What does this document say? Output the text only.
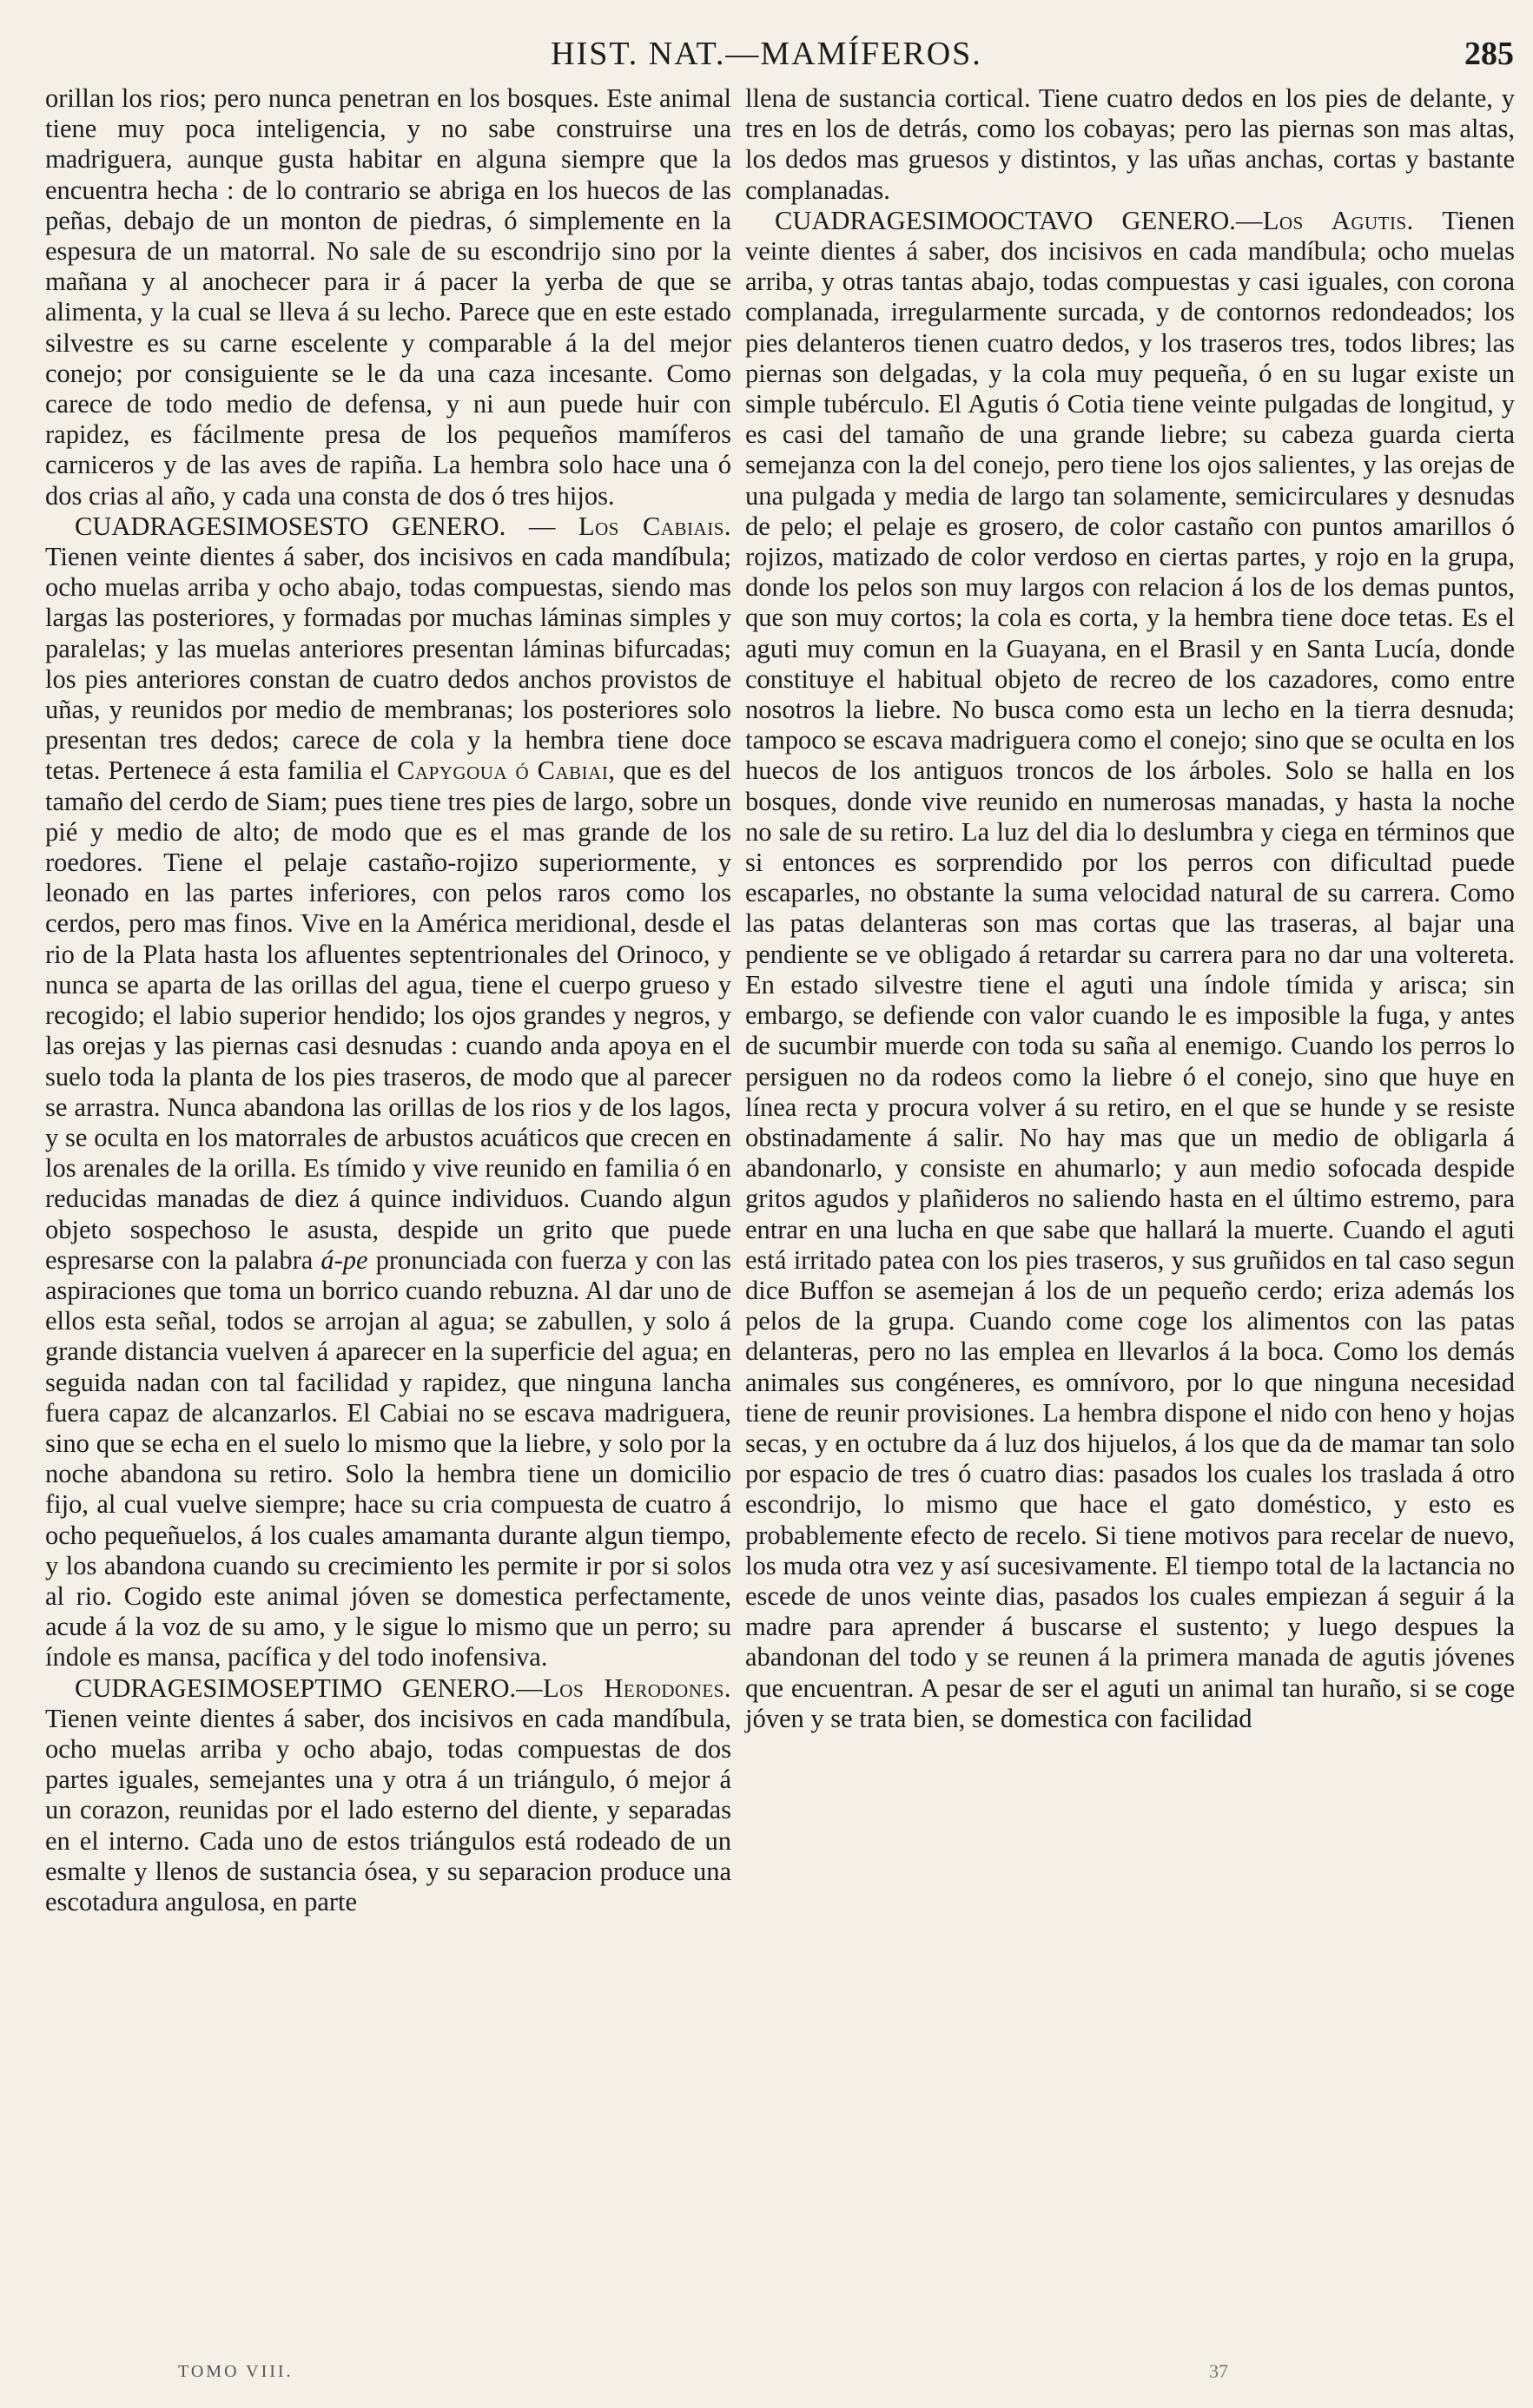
HIST. NAT.—MAMÍFEROS.	285

orillan los rios; pero nunca penetran en los bosques. Este animal tiene muy poca inteligencia, y no sabe construirse una madriguera, aunque gusta habitar en alguna siempre que la encuentra hecha : de lo contrario se abriga en los huecos de las peñas, debajo de un monton de piedras, ó simplemente en la espesura de un matorral. No sale de su escondrijo sino por la mañana y al anochecer para ir á pacer la yerba de que se alimenta, y la cual se lleva á su lecho. Parece que en este estado silvestre es su carne escelente y comparable á la del mejor conejo; por consiguiente se le da una caza incesante. Como carece de todo medio de defensa, y ni aun puede huir con rapidez, es fácilmente presa de los pequeños mamíferos carniceros y de las aves de rapiña. La hembra solo hace una ó dos crias al año, y cada una consta de dos ó tres hijos.

CUADRAGESIMOSESTO GENERO. — Los Cabiais. Tienen veinte dientes á saber, dos incisivos en cada mandíbula; ocho muelas arriba y ocho abajo, todas compuestas, siendo mas largas las posteriores, y formadas por muchas láminas simples y paralelas; y las muelas anteriores presentan láminas bifurcadas; los pies anteriores constan de cuatro dedos anchos provistos de uñas, y reunidos por medio de membranas; los posteriores solo presentan tres dedos; carece de cola y la hembra tiene doce tetas. Pertenece á esta familia el Capygoua ó Cabiai, que es del tamaño del cerdo de Siam; pues tiene tres pies de largo, sobre un pié y medio de alto; de modo que es el mas grande de los roedores. Tiene el pelaje castaño-rojizo superiormente, y leonado en las partes inferiores, con pelos raros como los cerdos, pero mas finos. Vive en la América meridional, desde el rio de la Plata hasta los afluentes septentrionales del Orinoco, y nunca se aparta de las orillas del agua, tiene el cuerpo grueso y recogido; el labio superior hendido; los ojos grandes y negros, y las orejas y las piernas casi desnudas : cuando anda apoya en el suelo toda la planta de los pies traseros, de modo que al parecer se arrastra. Nunca abandona las orillas de los rios y de los lagos, y se oculta en los matorrales de arbustos acuáticos que crecen en los arenales de la orilla. Es tímido y vive reunido en familia ó en reducidas manadas de diez á quince individuos. Cuando algun objeto sospechoso le asusta, despide un grito que puede espresarse con la palabra á-pe pronunciada con fuerza y con las aspiraciones que toma un borrico cuando rebuzna. Al dar uno de ellos esta señal, todos se arrojan al agua; se zabullen, y solo á grande distancia vuelven á aparecer en la superficie del agua; en seguida nadan con tal facilidad y rapidez, que ninguna lancha fuera capaz de alcanzarlos. El Cabiai no se escava madriguera, sino que se echa en el suelo lo mismo que la liebre, y solo por la noche abandona su retiro. Solo la hembra tiene un domicilio fijo, al cual vuelve siempre; hace su cria compuesta de cuatro á ocho pequeñuelos, á los cuales amamanta durante algun tiempo, y los abandona cuando su crecimiento les permite ir por si solos al rio. Cogido este animal jóven se domestica perfectamente, acude á la voz de su amo, y le sigue lo mismo que un perro; su índole es mansa, pacífica y del todo inofensiva.

CUDRAGESIMOSEPTIMO GENERO.—Los Herodones. Tienen veinte dientes á saber, dos incisivos en cada mandíbula, ocho muelas arriba y ocho abajo, todas compuestas de dos partes iguales, semejantes una y otra á un triángulo, ó mejor á un corazon, reunidas por el lado esterno del diente, y separadas en el interno. Cada uno de estos triángulos está rodeado de un esmalte y llenos de sustancia ósea, y su separacion produce una escotadura angulosa, en parte

llena de sustancia cortical. Tiene cuatro dedos en los pies de delante, y tres en los de detrás, como los cobayas; pero las piernas son mas altas, los dedos mas gruesos y distintos, y las uñas anchas, cortas y bastante complanadas.

CUADRAGESIMOOCTAVO GENERO.—Los Agutis. Tienen veinte dientes á saber, dos incisivos en cada mandíbula; ocho muelas arriba, y otras tantas abajo, todas compuestas y casi iguales, con corona complanada, irregularmente surcada, y de contornos redondeados; los pies delanteros tienen cuatro dedos, y los traseros tres, todos libres; las piernas son delgadas, y la cola muy pequeña, ó en su lugar existe un simple tubérculo. El Agutis ó Cotia tiene veinte pulgadas de longitud, y es casi del tamaño de una grande liebre; su cabeza guarda cierta semejanza con la del conejo, pero tiene los ojos salientes, y las orejas de una pulgada y media de largo tan solamente, semicirculares y desnudas de pelo; el pelaje es grosero, de color castaño con puntos amarillos ó rojizos, matizado de color verdoso en ciertas partes, y rojo en la grupa, donde los pelos son muy largos con relacion á los de los demas puntos, que son muy cortos; la cola es corta, y la hembra tiene doce tetas. Es el aguti muy comun en la Guayana, en el Brasil y en Santa Lucía, donde constituye el habitual objeto de recreo de los cazadores, como entre nosotros la liebre. No busca como esta un lecho en la tierra desnuda; tampoco se escava madriguera como el conejo; sino que se oculta en los huecos de los antiguos troncos de los árboles. Solo se halla en los bosques, donde vive reunido en numerosas manadas, y hasta la noche no sale de su retiro. La luz del dia lo deslumbra y ciega en términos que si entonces es sorprendido por los perros con dificultad puede escaparles, no obstante la suma velocidad natural de su carrera. Como las patas delanteras son mas cortas que las traseras, al bajar una pendiente se ve obligado á retardar su carrera para no dar una voltereta. En estado silvestre tiene el aguti una índole tímida y arisca; sin embargo, se defiende con valor cuando le es imposible la fuga, y antes de sucumbir muerde con toda su saña al enemigo. Cuando los perros lo persiguen no da rodeos como la liebre ó el conejo, sino que huye en línea recta y procura volver á su retiro, en el que se hunde y se resiste obstinadamente á salir. No hay mas que un medio de obligarla á abandonarlo, y consiste en ahumarlo; y aun medio sofocada despide gritos agudos y plañideros no saliendo hasta en el último estremo, para entrar en una lucha en que sabe que hallará la muerte. Cuando el aguti está irritado patea con los pies traseros, y sus gruñidos en tal caso segun dice Buffon se asemejan á los de un pequeño cerdo; eriza además los pelos de la grupa. Cuando come coge los alimentos con las patas delanteras, pero no las emplea en llevarlos á la boca. Como los demás animales sus congéneres, es omnívoro, por lo que ninguna necesidad tiene de reunir provisiones. La hembra dispone el nido con heno y hojas secas, y en octubre da á luz dos hijuelos, á los que da de mamar tan solo por espacio de tres ó cuatro dias: pasados los cuales los traslada á otro escondrijo, lo mismo que hace el gato doméstico, y esto es probablemente efecto de recelo. Si tiene motivos para recelar de nuevo, los muda otra vez y así sucesivamente. El tiempo total de la lactancia no escede de unos veinte dias, pasados los cuales empiezan á seguir á la madre para aprender á buscarse el sustento; y luego despues la abandonan del todo y se reunen á la primera manada de agutis jóvenes que encuentran. A pesar de ser el aguti un animal tan huraño, si se coge jóven y se trata bien, se domestica con facilidad

TOMO VIII.	37
